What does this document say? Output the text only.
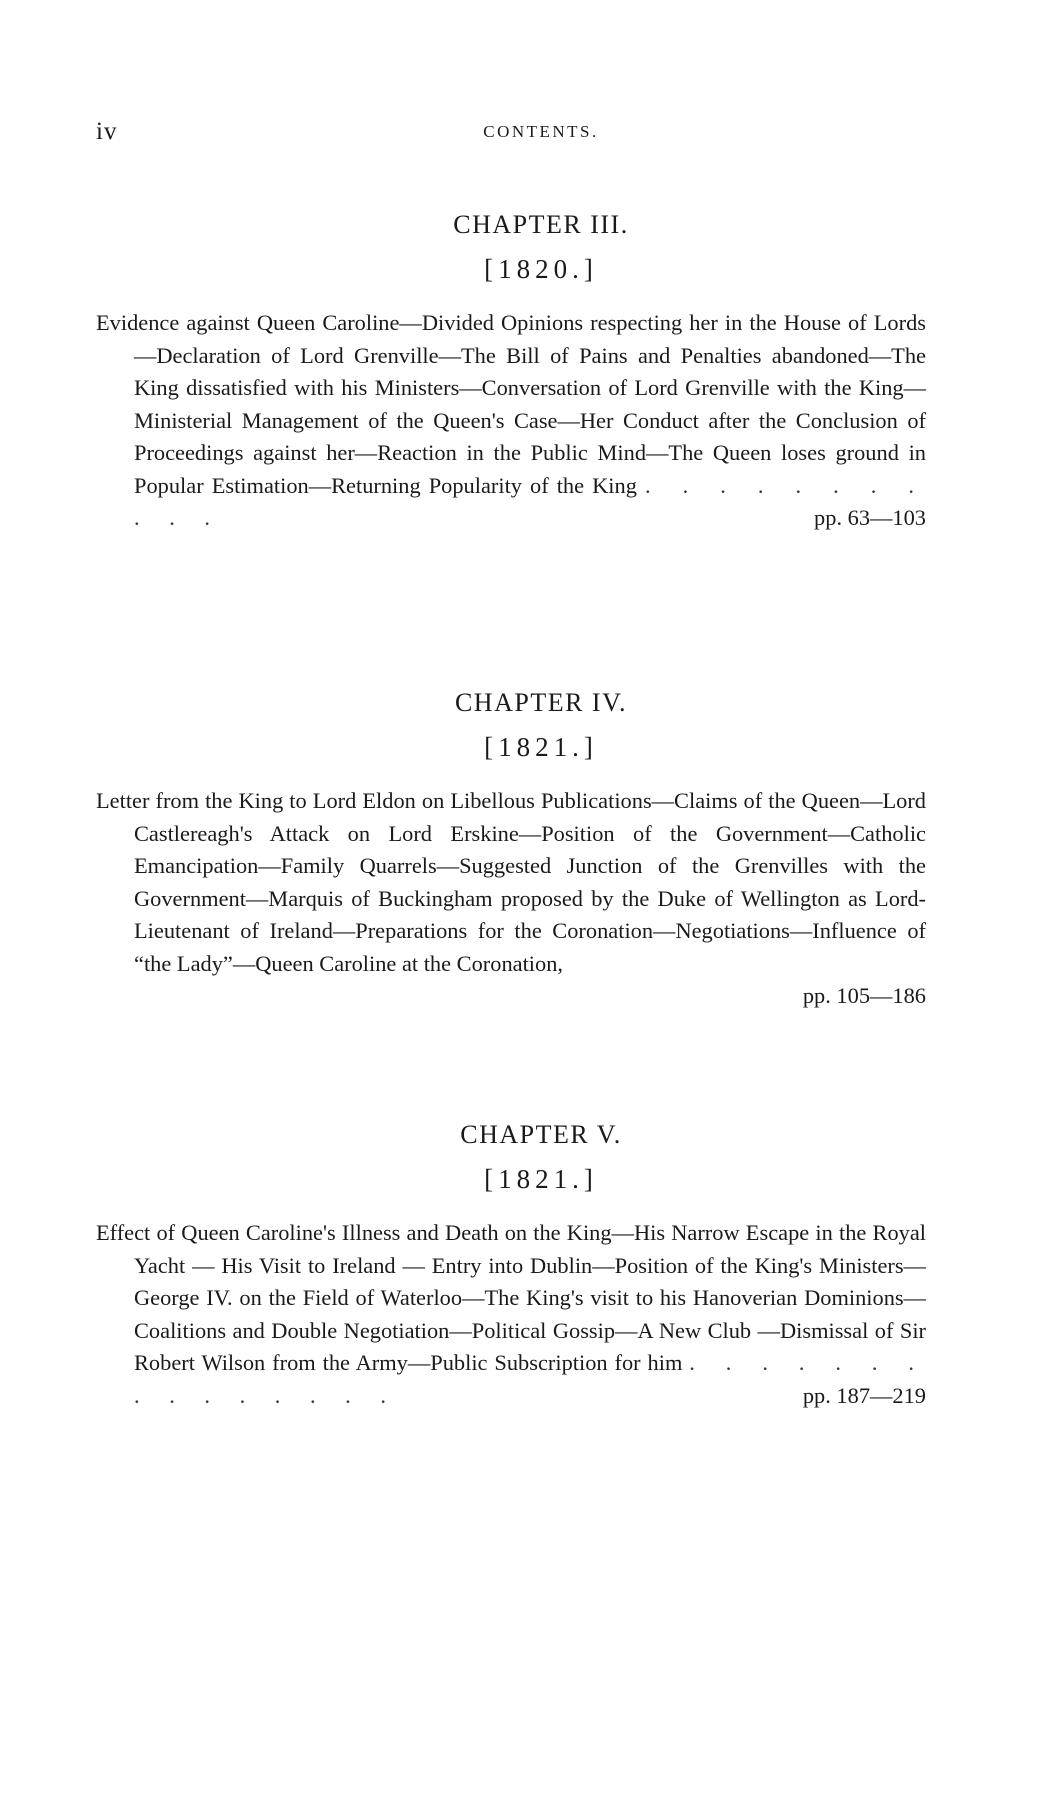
iv	CONTENTS.
CHAPTER III.
[1820.]

Evidence against Queen Caroline—Divided Opinions respecting her in the House of Lords—Declaration of Lord Grenville—The Bill of Pains and Penalties abandoned—The King dissatisfied with his Ministers—Conversation of Lord Grenville with the King—Ministerial Management of the Queen's Case—Her Conduct after the Conclusion of Proceedings against her—Reaction in the Public Mind—The Queen loses ground in Popular Estimation—Returning Popularity of the King . . . . . . . . . . .	pp. 63—103

CHAPTER IV.
[1821.]

Letter from the King to Lord Eldon on Libellous Publications—Claims of the Queen—Lord Castlereagh's Attack on Lord Erskine—Position of the Government—Catholic Emancipation—Family Quarrels—Suggested Junction of the Grenvilles with the Government—Marquis of Buckingham proposed by the Duke of Wellington as Lord-Lieutenant of Ireland—Preparations for the Coronation—Negotiations—Influence of “the Lady”—Queen Caroline at the Coronation,
pp. 105—186

CHAPTER V.
[1821.]

Effect of Queen Caroline's Illness and Death on the King—His Narrow Escape in the Royal Yacht — His Visit to Ireland — Entry into Dublin—Position of the King's Ministers—George IV. on the Field of Waterloo—The King's visit to his Hanoverian Dominions—Coalitions and Double Negotiation—Political Gossip—A New Club —Dismissal of Sir Robert Wilson from the Army—Public Subscription for him . . . . . . . . . . . . . . .	pp. 187—219
